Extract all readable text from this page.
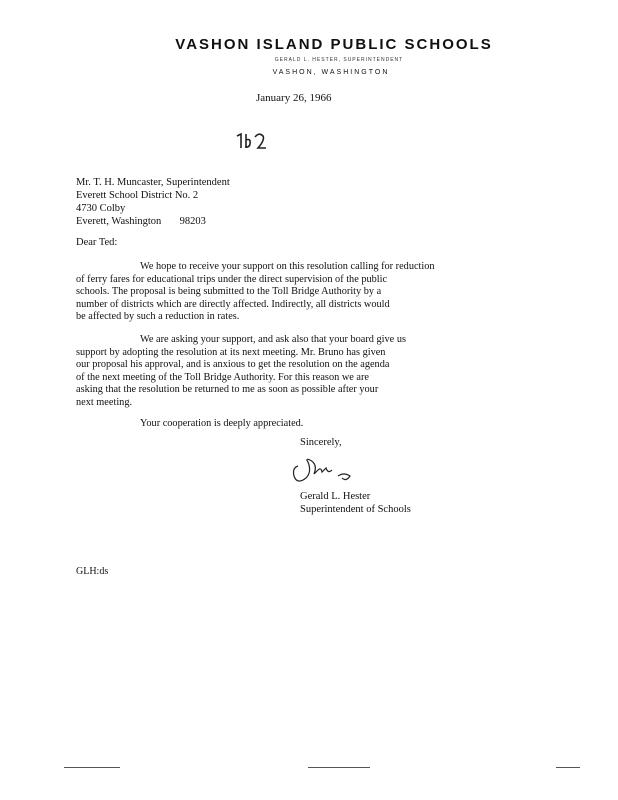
VASHON ISLAND PUBLIC SCHOOLS
GERALD L. HESTER, SUPERINTENDENT
VASHON, WASHINGTON
January 26, 1966
Mr. T. H. Muncaster, Superintendent
Everett School District No. 2
4730 Colby
Everett, Washington       98203
Dear Ted:
We hope to receive your support on this resolution calling for reduction
of ferry fares for educational trips under the direct supervision of the public
schools. The proposal is being submitted to the Toll Bridge Authority by a
number of districts which are directly affected. Indirectly, all districts would
be affected by such a reduction in rates.
We are asking your support, and ask also that your board give us
support by adopting the resolution at its next meeting. Mr. Bruno has given
our proposal his approval, and is anxious to get the resolution on the agenda
of the next meeting of the Toll Bridge Authority. For this reason we are
asking that the resolution be returned to me as soon as possible after your
next meeting.
Your cooperation is deeply appreciated.
Sincerely,
Gerald L. Hester
Superintendent of Schools
GLH:ds
